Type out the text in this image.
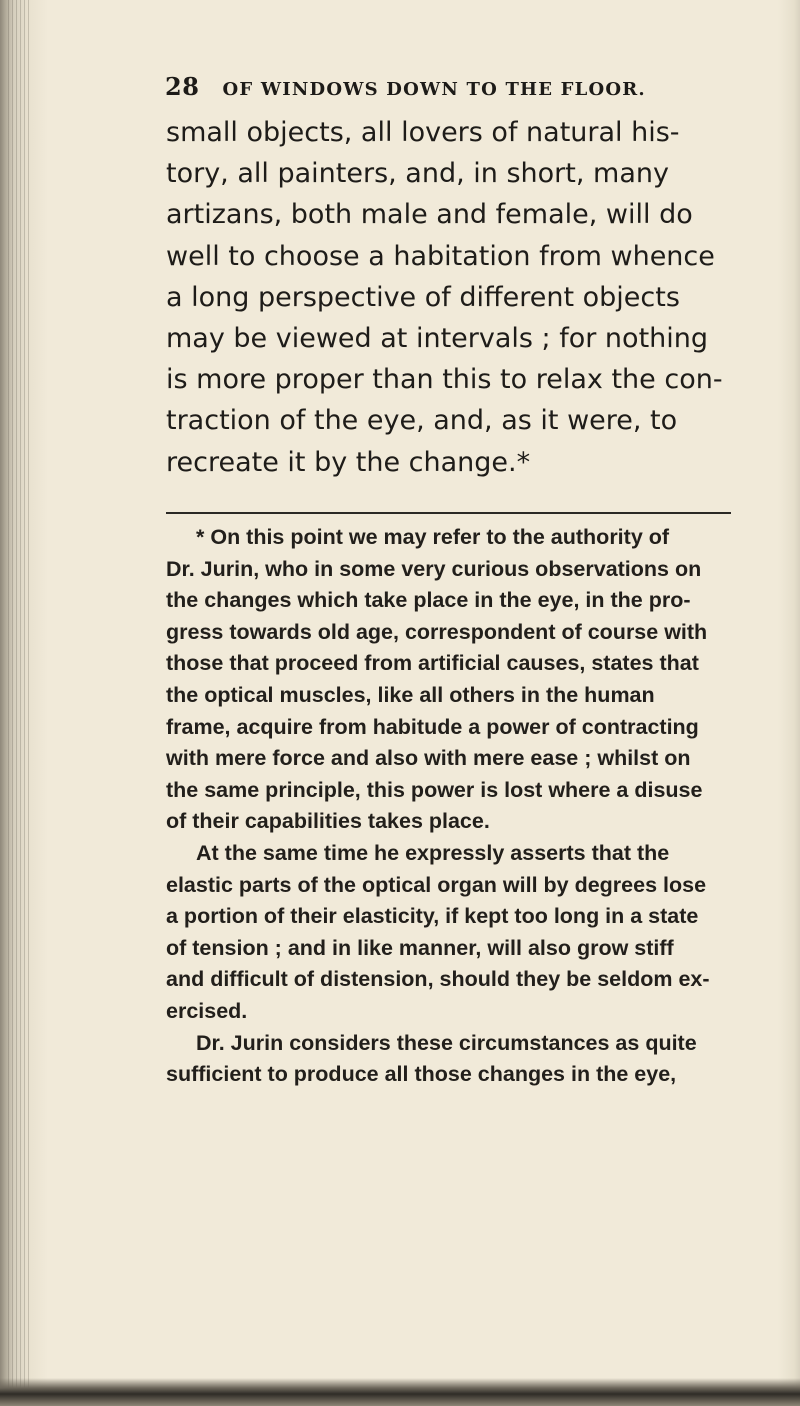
28 OF WINDOWS DOWN TO THE FLOOR.
small objects, all lovers of natural his-
tory, all painters, and, in short, many
artizans, both male and female, will do
well to choose a habitation from whence
a long perspective of different objects
may be viewed at intervals ; for nothing
is more proper than this to relax the con-
traction of the eye, and, as it were, to
recreate it by the change.*
* On this point we may refer to the authority of
Dr. Jurin, who in some very curious observations on
the changes which take place in the eye, in the pro-
gress towards old age, correspondent of course with
those that proceed from artificial causes, states that
the optical muscles, like all others in the human
frame, acquire from habitude a power of contracting
with mere force and also with mere ease ; whilst on
the same principle, this power is lost where a disuse
of their capabilities takes place.
At the same time he expressly asserts that the
elastic parts of the optical organ will by degrees lose
a portion of their elasticity, if kept too long in a state
of tension ; and in like manner, will also grow stiff
and difficult of distension, should they be seldom ex-
ercised.
Dr. Jurin considers these circumstances as quite
sufficient to produce all those changes in the eye,
